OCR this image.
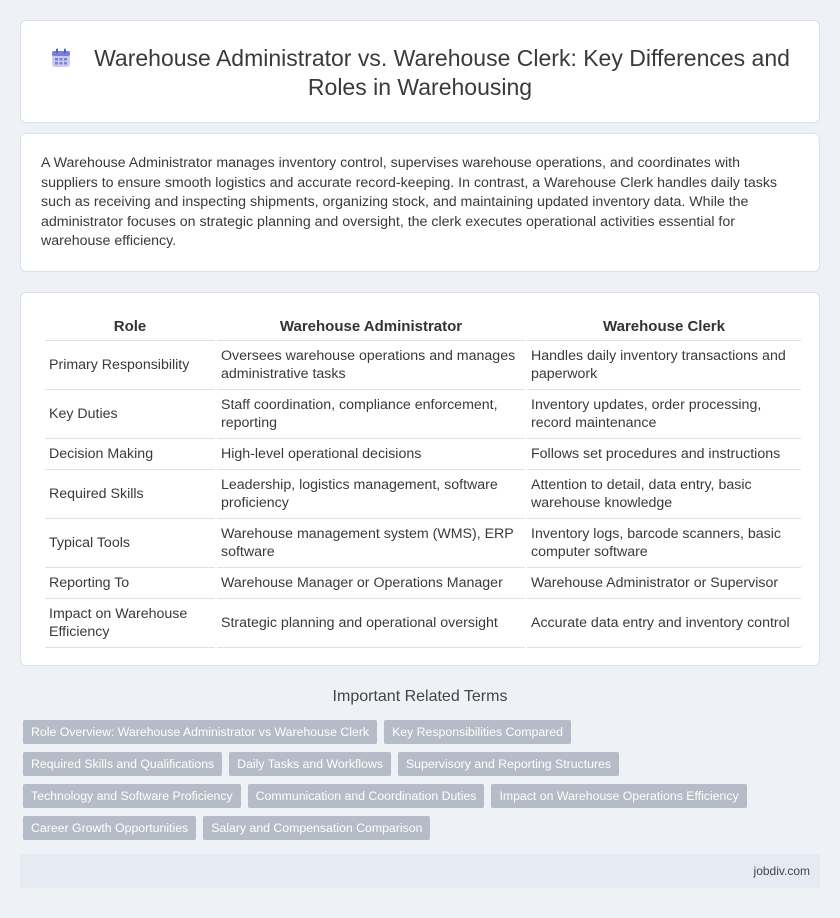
Warehouse Administrator vs. Warehouse Clerk: Key Differences and Roles in Warehousing

A Warehouse Administrator manages inventory control, supervises warehouse operations, and coordinates with suppliers to ensure smooth logistics and accurate record-keeping. In contrast, a Warehouse Clerk handles daily tasks such as receiving and inspecting shipments, organizing stock, and maintaining updated inventory data. While the administrator focuses on strategic planning and oversight, the clerk executes operational activities essential for warehouse efficiency.

Role	Warehouse Administrator	Warehouse Clerk
Primary Responsibility	Oversees warehouse operations and manages administrative tasks	Handles daily inventory transactions and paperwork
Key Duties	Staff coordination, compliance enforcement, reporting	Inventory updates, order processing, record maintenance
Decision Making	High-level operational decisions	Follows set procedures and instructions
Required Skills	Leadership, logistics management, software proficiency	Attention to detail, data entry, basic warehouse knowledge
Typical Tools	Warehouse management system (WMS), ERP software	Inventory logs, barcode scanners, basic computer software
Reporting To	Warehouse Manager or Operations Manager	Warehouse Administrator or Supervisor
Impact on Warehouse Efficiency	Strategic planning and operational oversight	Accurate data entry and inventory control
Important Related Terms
Role Overview: Warehouse Administrator vs Warehouse Clerk	Key Responsibilities Compared
Required Skills and Qualifications	Daily Tasks and Workflows	Supervisory and Reporting Structures
Technology and Software Proficiency	Communication and Coordination Duties	Impact on Warehouse Operations Efficiency
Career Growth Opportunities	Salary and Compensation Comparison
jobdiv.com
